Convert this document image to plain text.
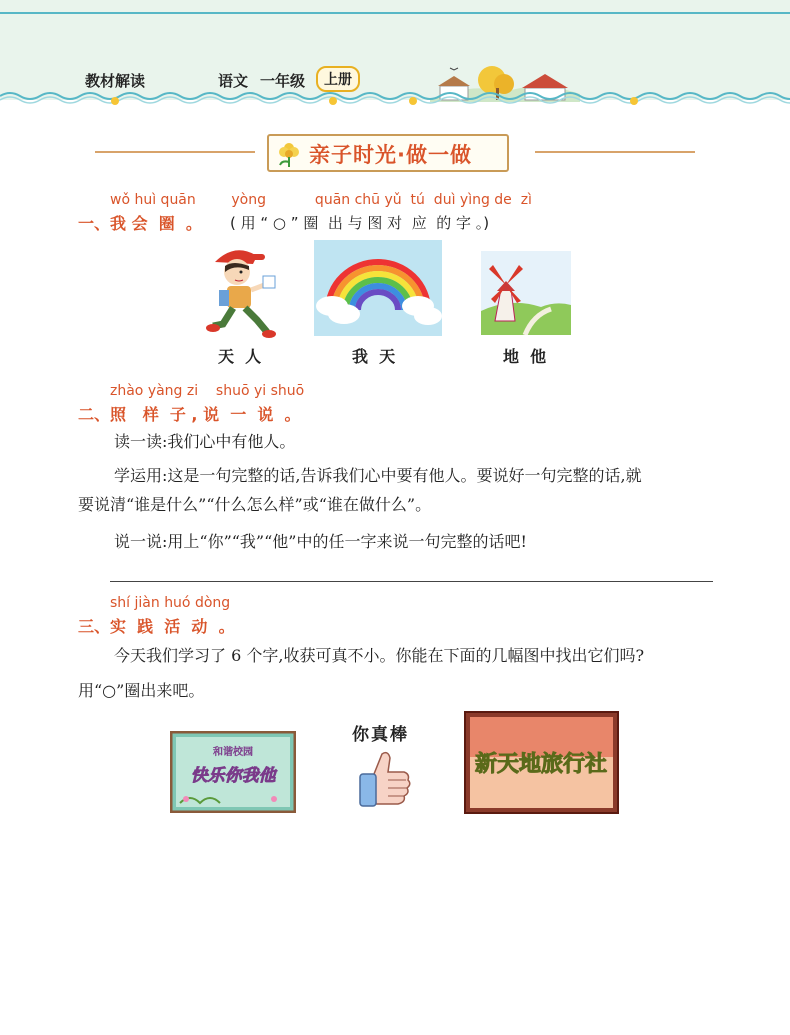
教材解读	语文 一年级	上册
亲子时光·做一做
wǒ huì quān        yòng           quān chū yǔ  tú  duì yìng de  zì
一、我 会  圈  。 ( 用 “ ○ ” 圈  出 与 图 对  应  的 字 。)
天  人	我  天	地  他
zhào yàng zi    shuō yi shuō
二、照   样  子 , 说  一  说  。
读一读:我们心中有他人。
学运用:这是一句完整的话,告诉我们心中要有他人。要说好一句完整的话,就
要说清“谁是什么”“什么怎么样”或“谁在做什么”。
说一说:用上“你”“我”“他”中的任一字来说一句完整的话吧!
shí jiàn huó dòng
三、实  践  活  动  。
今天我们学习了 6 个字,收获可真不小。你能在下面的几幅图中找出它们吗?
用“○”圈出来吧。
和谐校园
快乐你我他
你真棒
新天地旅行社
